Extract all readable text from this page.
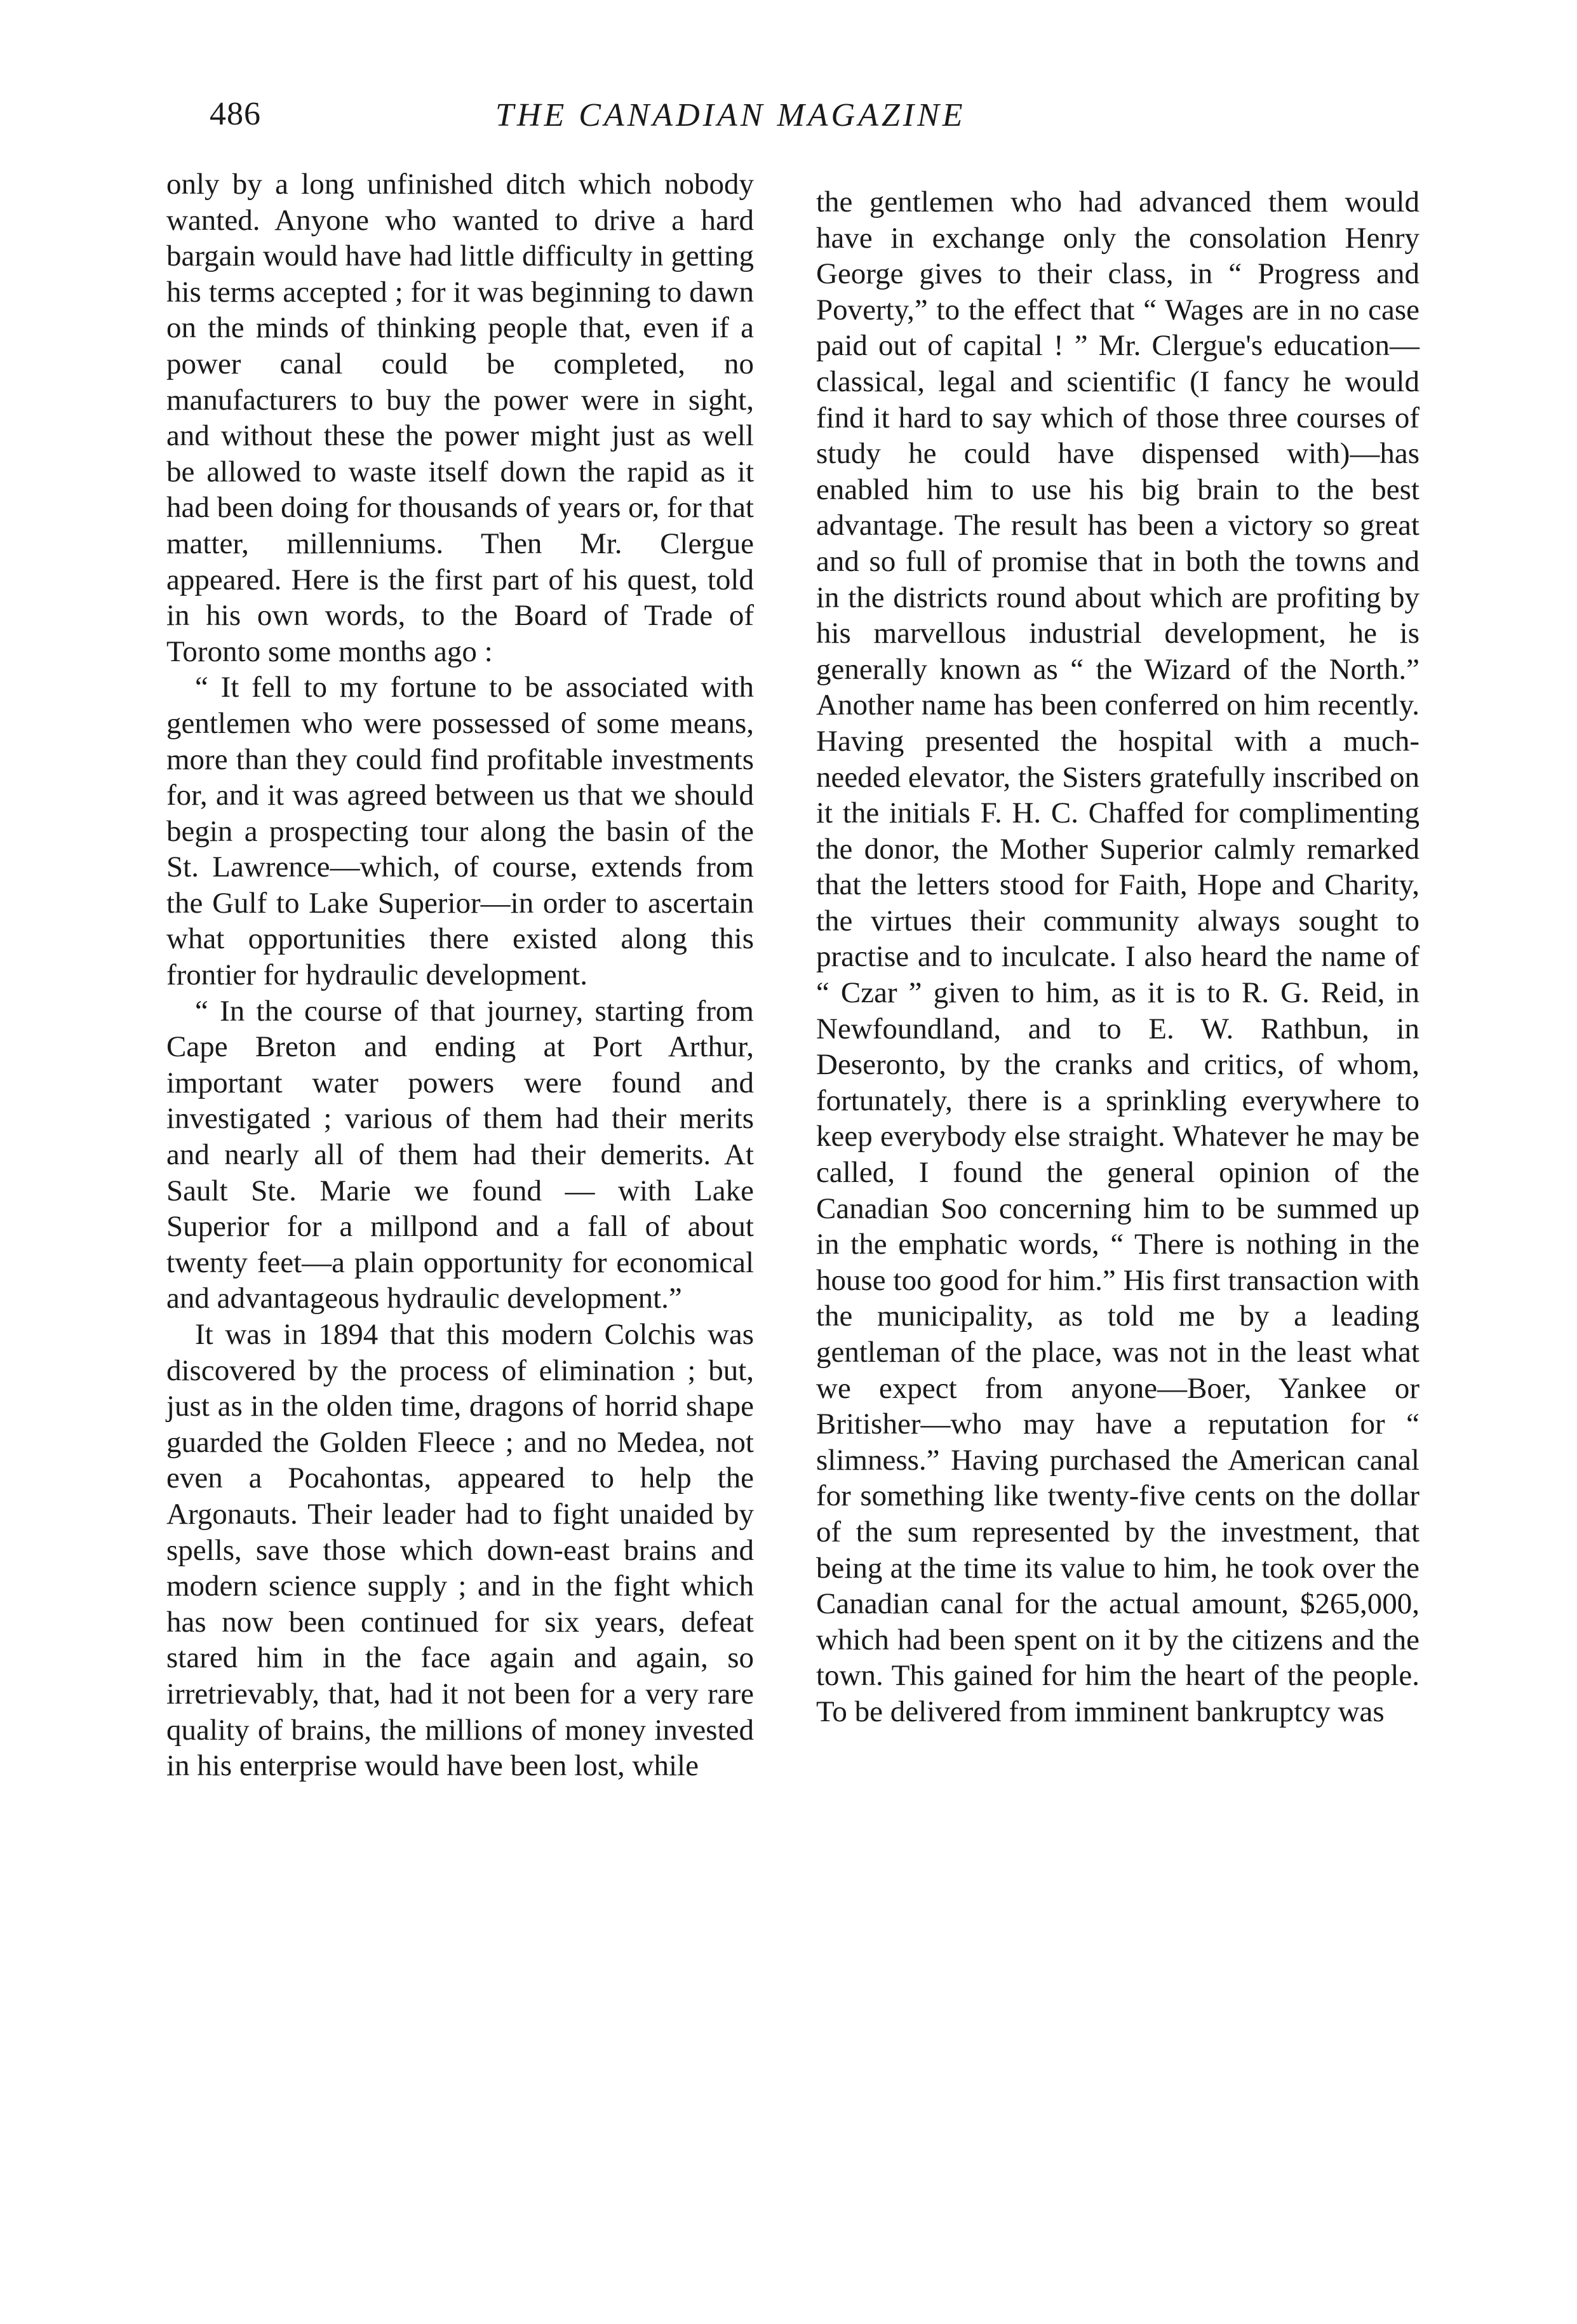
486	THE CANADIAN MAGAZINE

only by a long unfinished ditch which nobody wanted. Anyone who wanted to drive a hard bargain would have had little difficulty in getting his terms accepted ; for it was beginning to dawn on the minds of thinking people that, even if a power canal could be completed, no manufacturers to buy the power were in sight, and without these the power might just as well be allowed to waste itself down the rapid as it had been doing for thousands of years or, for that matter, millenniums. Then Mr. Clergue appeared. Here is the first part of his quest, told in his own words, to the Board of Trade of Toronto some months ago :

“ It fell to my fortune to be associated with gentlemen who were possessed of some means, more than they could find profitable investments for, and it was agreed between us that we should begin a prospecting tour along the basin of the St. Lawrence—which, of course, extends from the Gulf to Lake Superior—in order to ascertain what opportunities there existed along this frontier for hydraulic development.

“ In the course of that journey, starting from Cape Breton and ending at Port Arthur, important water powers were found and investigated ; various of them had their merits and nearly all of them had their demerits. At Sault Ste. Marie we found — with Lake Superior for a millpond and a fall of about twenty feet—a plain opportunity for economical and advantageous hydraulic development.”

It was in 1894 that this modern Colchis was discovered by the process of elimination ; but, just as in the olden time, dragons of horrid shape guarded the Golden Fleece ; and no Medea, not even a Pocahontas, appeared to help the Argonauts. Their leader had to fight unaided by spells, save those which down-east brains and modern science supply ; and in the fight which has now been continued for six years, defeat stared him in the face again and again, so irretrievably, that, had it not been for a very rare quality of brains, the millions of money invested in his enterprise would have been lost, while

the gentlemen who had advanced them would have in exchange only the consolation Henry George gives to their class, in “ Progress and Poverty,” to the effect that “ Wages are in no case paid out of capital ! ” Mr. Clergue's education—classical, legal and scientific (I fancy he would find it hard to say which of those three courses of study he could have dispensed with)—has enabled him to use his big brain to the best advantage. The result has been a victory so great and so full of promise that in both the towns and in the districts round about which are profiting by his marvellous industrial development, he is generally known as “ the Wizard of the North.” Another name has been conferred on him recently. Having presented the hospital with a much-needed elevator, the Sisters gratefully inscribed on it the initials F. H. C. Chaffed for complimenting the donor, the Mother Superior calmly remarked that the letters stood for Faith, Hope and Charity, the virtues their community always sought to practise and to inculcate. I also heard the name of “ Czar ” given to him, as it is to R. G. Reid, in Newfoundland, and to E. W. Rathbun, in Deseronto, by the cranks and critics, of whom, fortunately, there is a sprinkling everywhere to keep everybody else straight. Whatever he may be called, I found the general opinion of the Canadian Soo concerning him to be summed up in the emphatic words, “ There is nothing in the house too good for him.” His first transaction with the municipality, as told me by a leading gentleman of the place, was not in the least what we expect from anyone—Boer, Yankee or Britisher—who may have a reputation for “ slimness.” Having purchased the American canal for something like twenty-five cents on the dollar of the sum represented by the investment, that being at the time its value to him, he took over the Canadian canal for the actual amount, $265,000, which had been spent on it by the citizens and the town. This gained for him the heart of the people. To be delivered from imminent bankruptcy was
